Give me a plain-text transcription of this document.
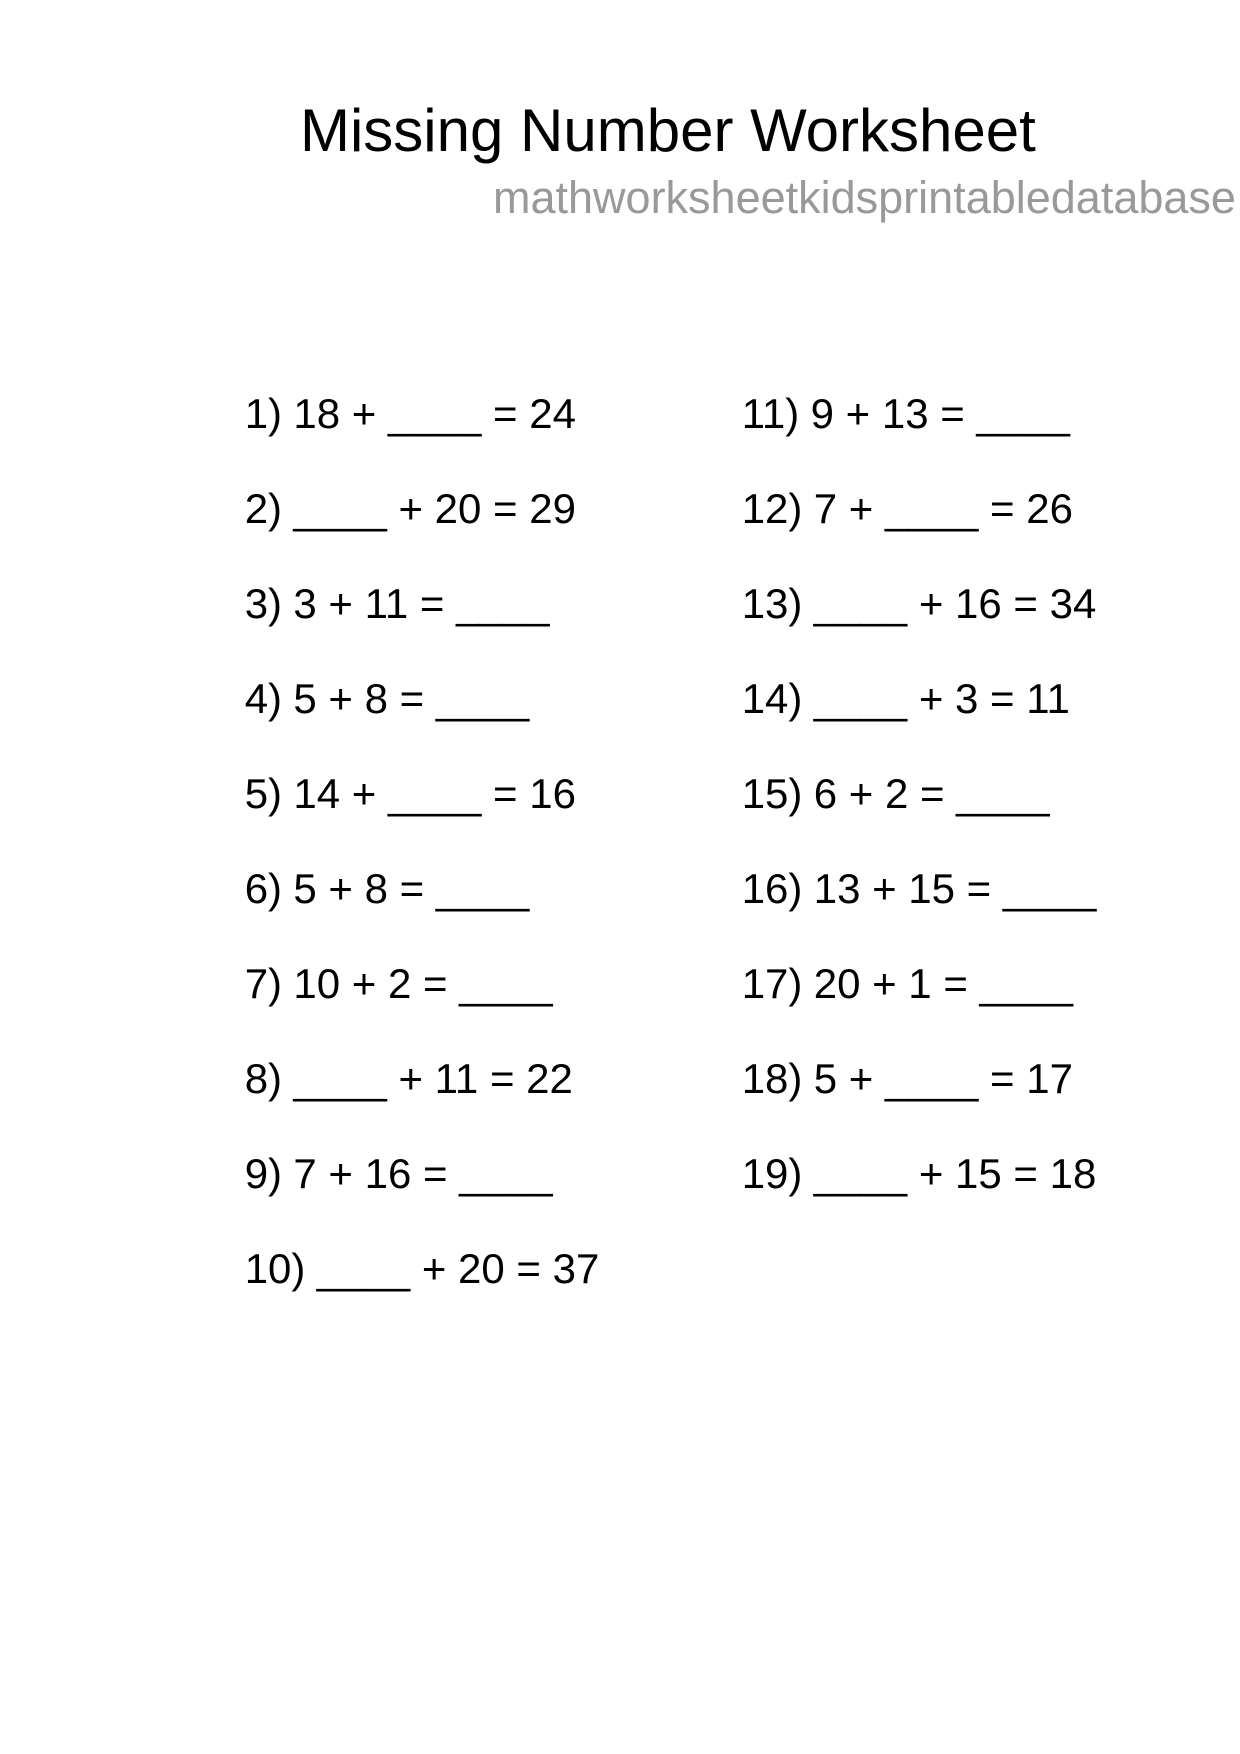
Missing Number Worksheet
mathworksheetkidsprintabledatabase

1) 18 + ____ = 24

2) ____ + 20 = 29

3) 3 + 11 = ____

4) 5 + 8 = ____

5) 14 + ____ = 16

6) 5 + 8 = ____

7) 10 + 2 = ____

8) ____ + 11 = 22

9) 7 + 16 = ____

10) ____ + 20 = 37

11) 9 + 13 = ____

12) 7 + ____ = 26

13) ____ + 16 = 34

14) ____ + 3 = 11

15) 6 + 2 = ____

16) 13 + 15 = ____

17) 20 + 1 = ____

18) 5 + ____ = 17

19) ____ + 15 = 18
